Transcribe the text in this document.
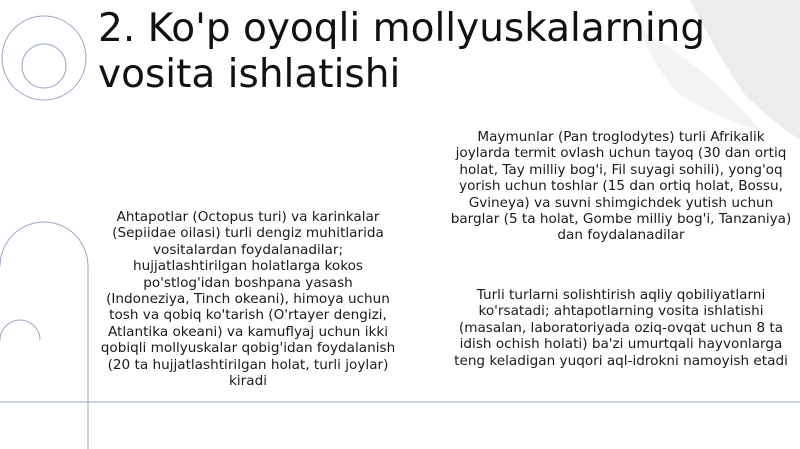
2. Ko'p oyoqli mollyuskalarning vosita ishlatishi

Ahtapotlar (Octopus turi) va karinkalar (Sepiidae oilasi) turli dengiz muhitlarida vositalardan foydalanadilar; hujjatlashtirilgan holatlarga kokos po'stlog'idan boshpana yasash (Indoneziya, Tinch okeani), himoya uchun tosh va qobiq ko'tarish (O'rtayer dengizi, Atlantika okeani) va kamuflyaj uchun ikki qobiqli mollyuskalar qobig'idan foydalanish (20 ta hujjatlashtirilgan holat, turli joylar) kiradi

Maymunlar (Pan troglodytes) turli Afrikalik joylarda termit ovlash uchun tayoq (30 dan ortiq holat, Tay milliy bog'i, Fil suyagi sohili), yong'oq yorish uchun toshlar (15 dan ortiq holat, Bossu, Gvineya) va suvni shimgichdek yutish uchun barglar (5 ta holat, Gombe milliy bog'i, Tanzaniya) dan foydalanadilar

Turli turlarni solishtirish aqliy qobiliyatlarni ko'rsatadi; ahtapotlarning vosita ishlatishi (masalan, laboratoriyada oziq-ovqat uchun 8 ta idish ochish holati) ba'zi umurtqali hayvonlarga teng keladigan yuqori aql-idrokni namoyish etadi
